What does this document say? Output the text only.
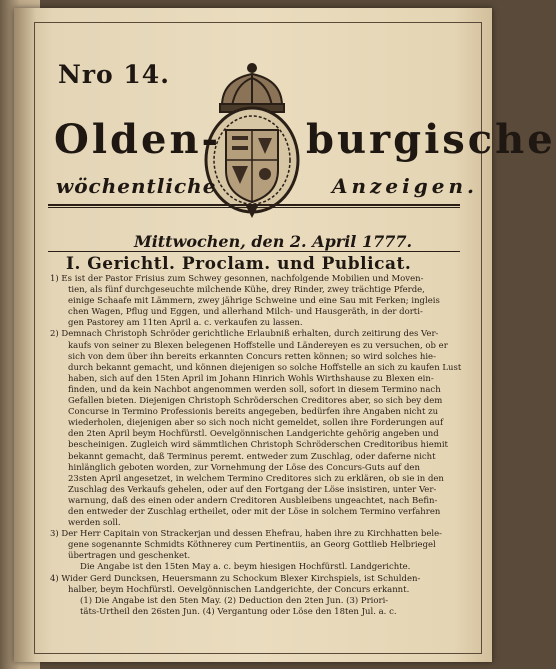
Nro 14.
Olden- burgische
wöchentliche	Anzeigen.
Mittwochen, den 2. April 1777.
I. Gerichtl. Proclam. und Publicat.
1) Es ist der Pastor Frisius zum Schwey gesonnen, nachfolgende Mobilien und Moven-
tien, als fünf durchgeseuchte milchende Kühe, drey Rinder, zwey trächtige Pferde,
einige Schaafe mit Lämmern, zwey jährige Schweine und eine Sau mit Ferken; ingleis
chen Wagen, Pflug und Eggen, und allerhand Milch- und Hausgeräth, in der dorti-
gen Pastorey am 11ten April a. c. verkaufen zu lassen.
2) Demnach Christoph Schröder gerichtliche Erlaubniß erhalten, durch zeitirung des Ver-
kaufs von seiner zu Blexen belegenen Hoffstelle und Ländereyen es zu versuchen, ob er
sich von dem über ihn bereits erkannten Concurs retten können; so wird solches hie-
durch bekannt gemacht, und können diejenigen so solche Hoffstelle an sich zu kaufen Lust
haben, sich auf den 15ten April im Johann Hinrich Wohls Wirthshause zu Blexen ein-
finden, und da kein Nachbot angenommen werden soll, sofort in diesem Termino nach
Gefallen bieten. Diejenigen Christoph Schröderschen Creditores aber, so sich bey dem
Concurse in Termino Professionis bereits angegeben, bedürfen ihre Angaben nicht zu
wiederholen, diejenigen aber so sich noch nicht gemeldet, sollen ihre Forderungen auf
den 2ten April beym Hochfürstl. Oevelgönnischen Landgerichte gehörig angeben und
bescheinigen. Zugleich wird sämmtlichen Christoph Schröderschen Creditoribus hiemit
bekannt gemacht, daß Terminus peremt. entweder zum Zuschlag, oder daferne nicht
hinlänglich geboten worden, zur Vornehmung der Löse des Concurs-Guts auf den
23sten April angesetzet, in welchem Termino Creditores sich zu erklären, ob sie in den
Zuschlag des Verkaufs gehelen, oder auf den Fortgang der Löse insistiren, unter Ver-
warnung, daß des einen oder andern Creditoren Ausbleibens ungeachtet, nach Befin-
den entweder der Zuschlag ertheilet, oder mit der Löse in solchem Termino verfahren
werden soll.
3) Der Herr Capitain von Strackerjan und dessen Ehefrau, haben ihre zu Kirchhatten bele-
gene sogenannte Schmidts Köthnerey cum Pertinentiis, an Georg Gottlieb Helbriegel
übertragen und geschenket.
Die Angabe ist den 15ten May a. c. beym hiesigen Hochfürstl. Landgerichte.
4) Wider Gerd Duncksen, Heuersmann zu Schockum Blexer Kirchspiels, ist Schulden-
halber, beym Hochfürstl. Oevelgönnischen Landgerichte, der Concurs erkannt.
(1) Die Angabe ist den 5ten May. (2) Deduction den 2ten Jun. (3) Priori-
täts-Urtheil den 26sten Jun. (4) Vergantung oder Löse den 18ten Jul. a. c.
